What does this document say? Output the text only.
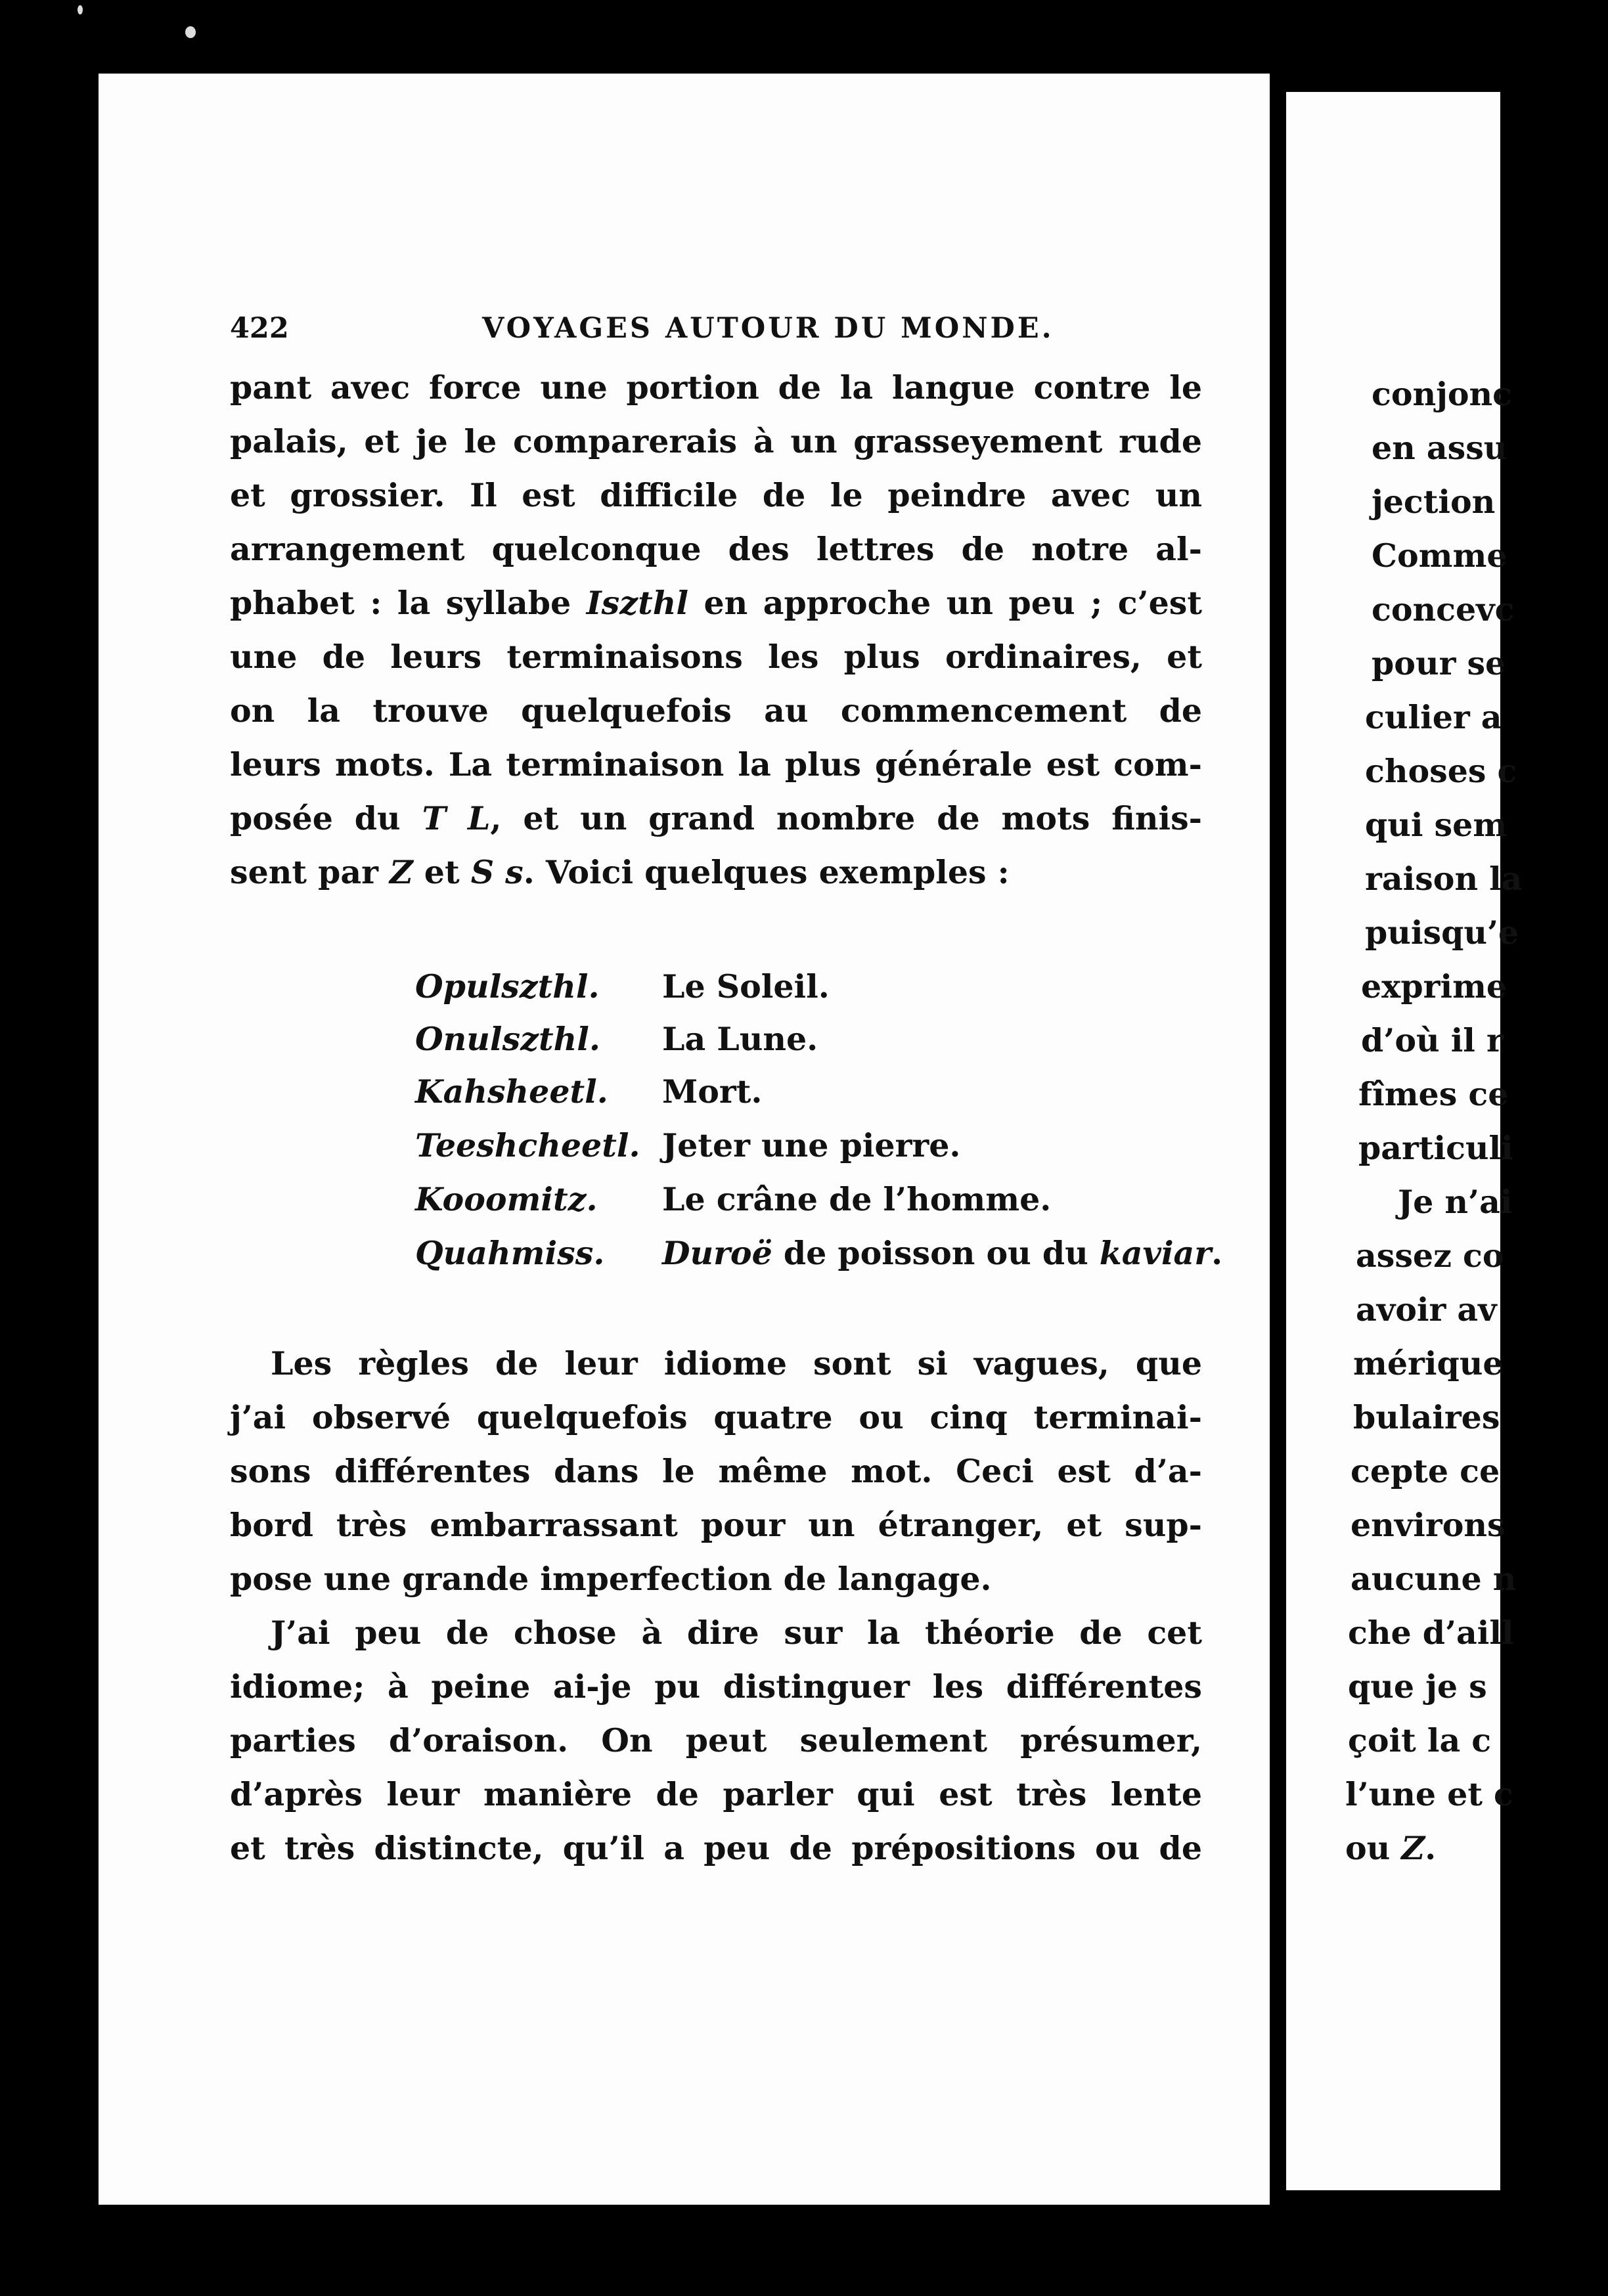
422	VOYAGES AUTOUR DU MONDE.
pant avec force une portion de la langue contre le
palais, et je le comparerais à un grasseyement rude
et grossier. Il est difficile de le peindre avec un
arrangement quelconque des lettres de notre al-
phabet : la syllabe Iszthl en approche un peu ; c’est
une de leurs terminaisons les plus ordinaires, et
on la trouve quelquefois au commencement de
leurs mots. La terminaison la plus générale est com-
posée du T L, et un grand nombre de mots finis-
sent par Z et S s. Voici quelques exemples :
Opulszthl. Le Soleil.
Onulszthl. La Lune.
Kahsheetl. Mort.
Teeshcheetl. Jeter une pierre.
Kooomitz. Le crâne de l’homme.
Quahmiss. Duroë de poisson ou du kaviar.
Les règles de leur idiome sont si vagues, que
j’ai observé quelquefois quatre ou cinq terminai-
sons différentes dans le même mot. Ceci est d’a-
bord très embarrassant pour un étranger, et sup-
pose une grande imperfection de langage.
J’ai peu de chose à dire sur la théorie de cet
idiome; à peine ai-je pu distinguer les différentes
parties d’oraison. On peut seulement présumer,
d’après leur manière de parler qui est très lente
et très distincte, qu’il a peu de prépositions ou de
conjonc
en assu
jection
Comme
concevc
pour se
culier a
choses c
qui sem
raison la
puisqu’e
exprime
d’où il r
fîmes ce
particuli
Je n’ai
assez co
avoir av
mérique
bulaires
cepte ce
environs
aucune n
che d’aill
que je s
çoit la c
l’une et c
ou Z.
